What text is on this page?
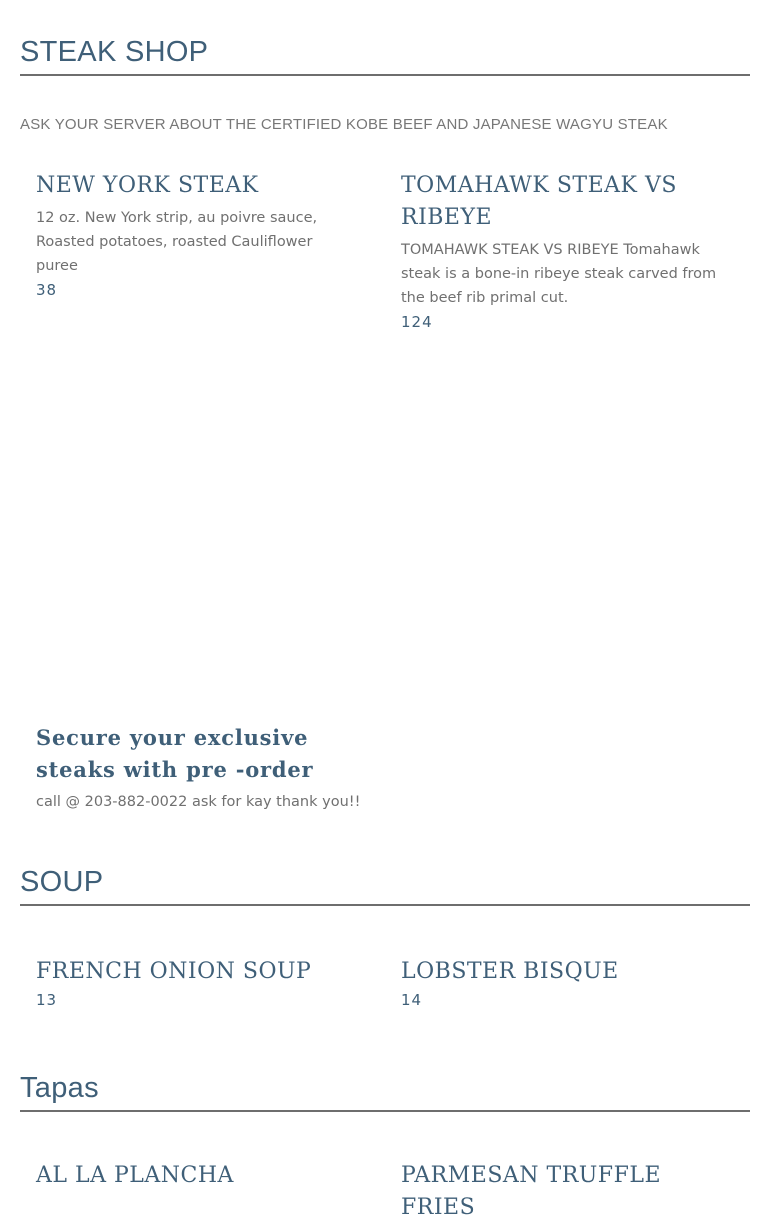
STEAK SHOP

ASK YOUR SERVER ABOUT THE CERTIFIED KOBE BEEF AND JAPANESE WAGYU STEAK

NEW YORK STEAK

12 oz. New York strip, au poivre sauce, Roasted potatoes, roasted Cauliflower puree

38

TOMAHAWK STEAK VS RIBEYE

TOMAHAWK STEAK VS RIBEYE Tomahawk steak is a bone-in ribeye steak carved from the beef rib primal cut.

124

Secure your exclusive steaks with pre -order

call @ 203-882-0022 ask for kay thank you!!

SOUP
FRENCH ONION SOUP

13

LOBSTER BISQUE

14

Tapas
AL LA PLANCHA	PARMESAN TRUFFLE FRIES
